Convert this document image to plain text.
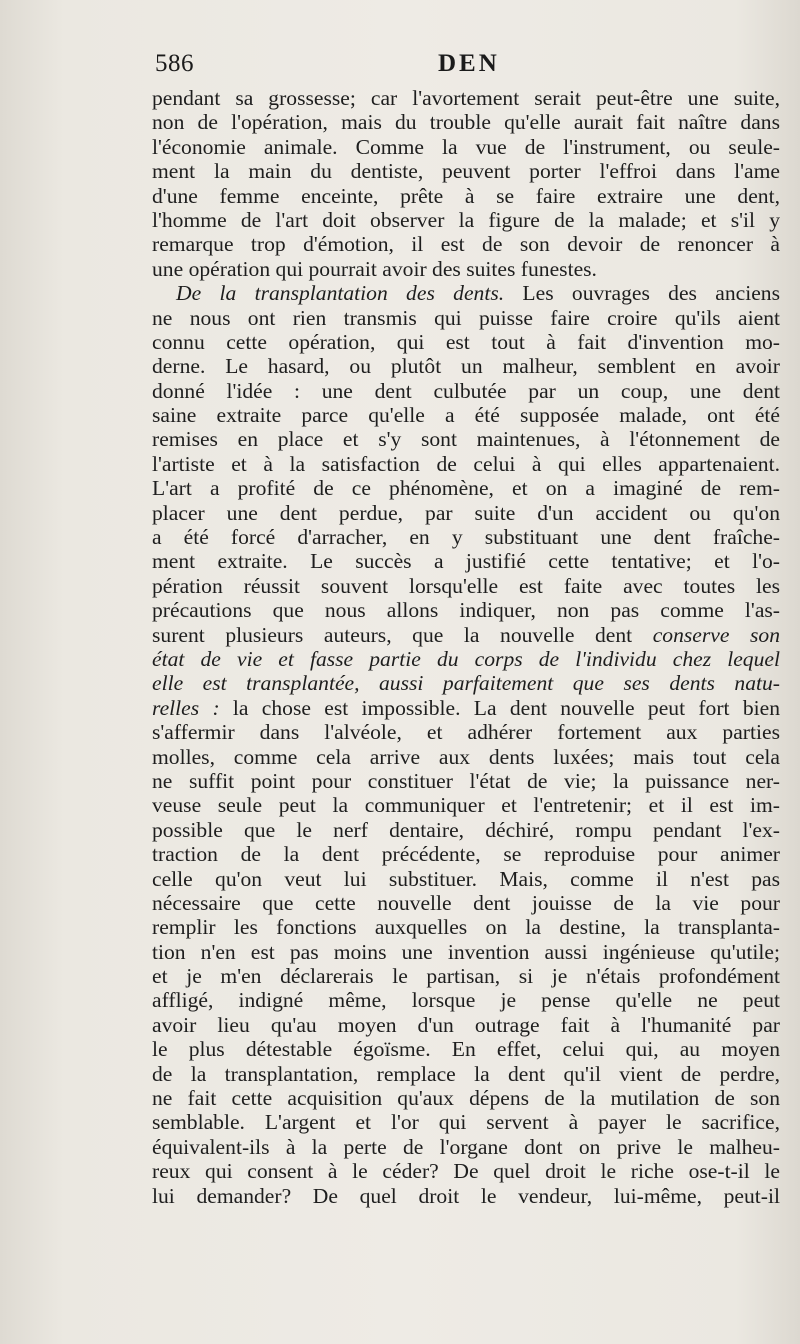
586	DEN
pendant sa grossesse; car l'avortement serait peut-être une suite,
non de l'opération, mais du trouble qu'elle aurait fait naître dans
l'économie animale. Comme la vue de l'instrument, ou seule-
ment la main du dentiste, peuvent porter l'effroi dans l'ame
d'une femme enceinte, prête à se faire extraire une dent,
l'homme de l'art doit observer la figure de la malade; et s'il y
remarque trop d'émotion, il est de son devoir de renoncer à
une opération qui pourrait avoir des suites funestes.
De la transplantation des dents. Les ouvrages des anciens
ne nous ont rien transmis qui puisse faire croire qu'ils aient
connu cette opération, qui est tout à fait d'invention mo-
derne. Le hasard, ou plutôt un malheur, semblent en avoir
donné l'idée : une dent culbutée par un coup, une dent
saine extraite parce qu'elle a été supposée malade, ont été
remises en place et s'y sont maintenues, à l'étonnement de
l'artiste et à la satisfaction de celui à qui elles appartenaient.
L'art a profité de ce phénomène, et on a imaginé de rem-
placer une dent perdue, par suite d'un accident ou qu'on
a été forcé d'arracher, en y substituant une dent fraîche-
ment extraite. Le succès a justifié cette tentative; et l'o-
pération réussit souvent lorsqu'elle est faite avec toutes les
précautions que nous allons indiquer, non pas comme l'as-
surent plusieurs auteurs, que la nouvelle dent conserve son
état de vie et fasse partie du corps de l'individu chez lequel
elle est transplantée, aussi parfaitement que ses dents natu-
relles : la chose est impossible. La dent nouvelle peut fort bien
s'affermir dans l'alvéole, et adhérer fortement aux parties
molles, comme cela arrive aux dents luxées; mais tout cela
ne suffit point pour constituer l'état de vie; la puissance ner-
veuse seule peut la communiquer et l'entretenir; et il est im-
possible que le nerf dentaire, déchiré, rompu pendant l'ex-
traction de la dent précédente, se reproduise pour animer
celle qu'on veut lui substituer. Mais, comme il n'est pas
nécessaire que cette nouvelle dent jouisse de la vie pour
remplir les fonctions auxquelles on la destine, la transplanta-
tion n'en est pas moins une invention aussi ingénieuse qu'utile;
et je m'en déclarerais le partisan, si je n'étais profondément
affligé, indigné même, lorsque je pense qu'elle ne peut
avoir lieu qu'au moyen d'un outrage fait à l'humanité par
le plus détestable égoïsme. En effet, celui qui, au moyen
de la transplantation, remplace la dent qu'il vient de perdre,
ne fait cette acquisition qu'aux dépens de la mutilation de son
semblable. L'argent et l'or qui servent à payer le sacrifice,
équivalent-ils à la perte de l'organe dont on prive le malheu-
reux qui consent à le céder? De quel droit le riche ose-t-il le
lui demander? De quel droit le vendeur, lui-même, peut-il
